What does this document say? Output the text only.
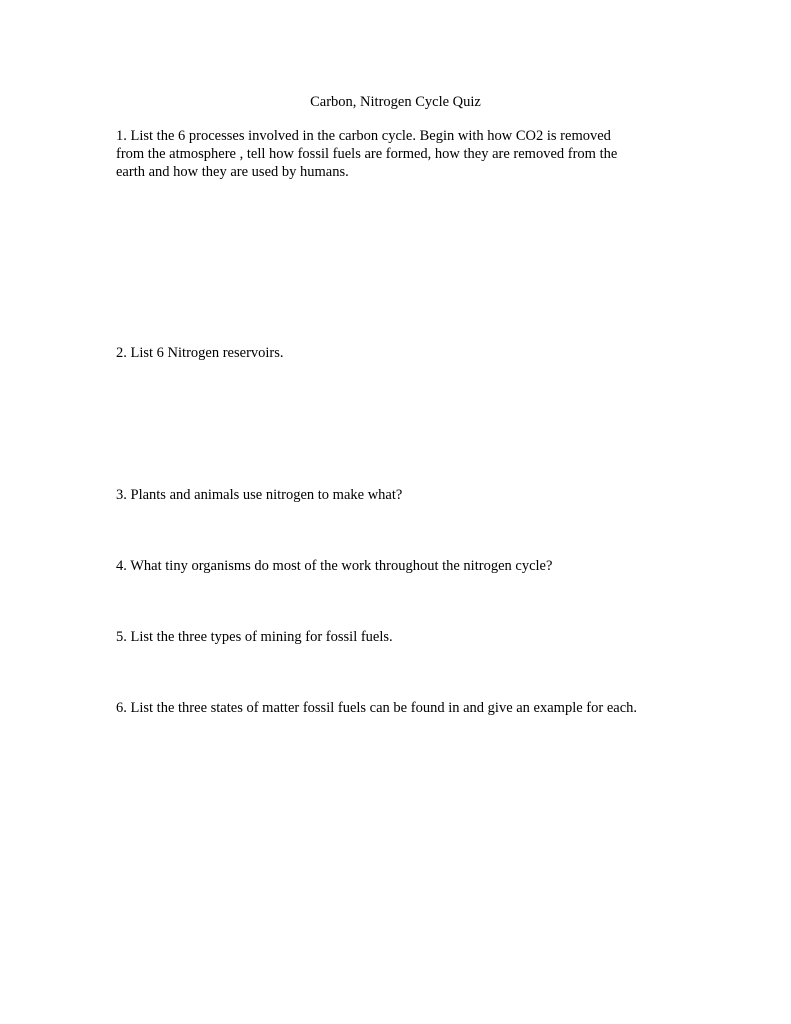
Carbon, Nitrogen Cycle Quiz

1. List the 6 processes involved in the carbon cycle. Begin with how CO2 is removed
from the atmosphere , tell how fossil fuels are formed, how they are removed from the
earth and how they are used by humans.

2. List 6 Nitrogen reservoirs.

3. Plants and animals use nitrogen to make what?

4. What tiny organisms do most of the work throughout the nitrogen cycle?

5. List the three types of mining for fossil fuels.

6. List the three states of matter fossil fuels can be found in and give an example for each.
